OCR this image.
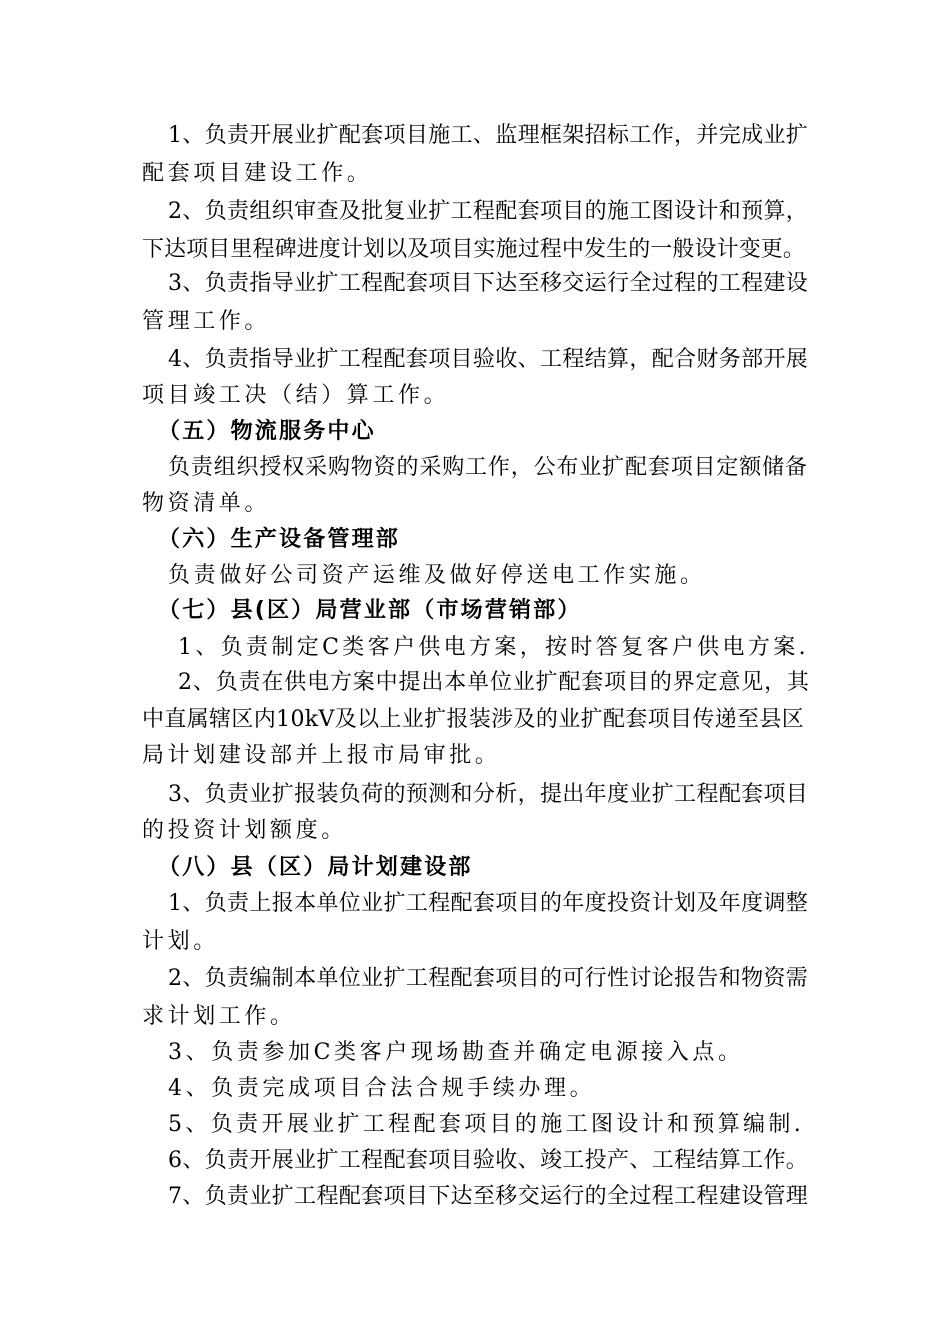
1、负责开展业扩配套项目施工、监理框架招标工作，并完成业扩
配套项目建设工作。
2、负责组织审查及批复业扩工程配套项目的施工图设计和预算，
下达项目里程碑进度计划以及项目实施过程中发生的一般设计变更。
3、负责指导业扩工程配套项目下达至移交运行全过程的工程建设
管理工作。
4、负责指导业扩工程配套项目验收、工程结算，配合财务部开展
项目竣工决（结）算工作。
（五）物流服务中心
负责组织授权采购物资的采购工作，公布业扩配套项目定额储备
物资清单。
（六）生产设备管理部
负责做好公司资产运维及做好停送电工作实施。
（七）县(区）局营业部（市场营销部）
1、负责制定C类客户供电方案，按时答复客户供电方案.
2、负责在供电方案中提出本单位业扩配套项目的界定意见，其
中直属辖区内10kV及以上业扩报装涉及的业扩配套项目传递至县区
局计划建设部并上报市局审批。
3、负责业扩报装负荷的预测和分析，提出年度业扩工程配套项目
的投资计划额度。
（八）县（区）局计划建设部
1、负责上报本单位业扩工程配套项目的年度投资计划及年度调整
计划。
2、负责编制本单位业扩工程配套项目的可行性讨论报告和物资需
求计划工作。
3、负责参加C类客户现场勘查并确定电源接入点。
4、负责完成项目合法合规手续办理。
5、负责开展业扩工程配套项目的施工图设计和预算编制.
6、负责开展业扩工程配套项目验收、竣工投产、工程结算工作。
7、负责业扩工程配套项目下达至移交运行的全过程工程建设管理
